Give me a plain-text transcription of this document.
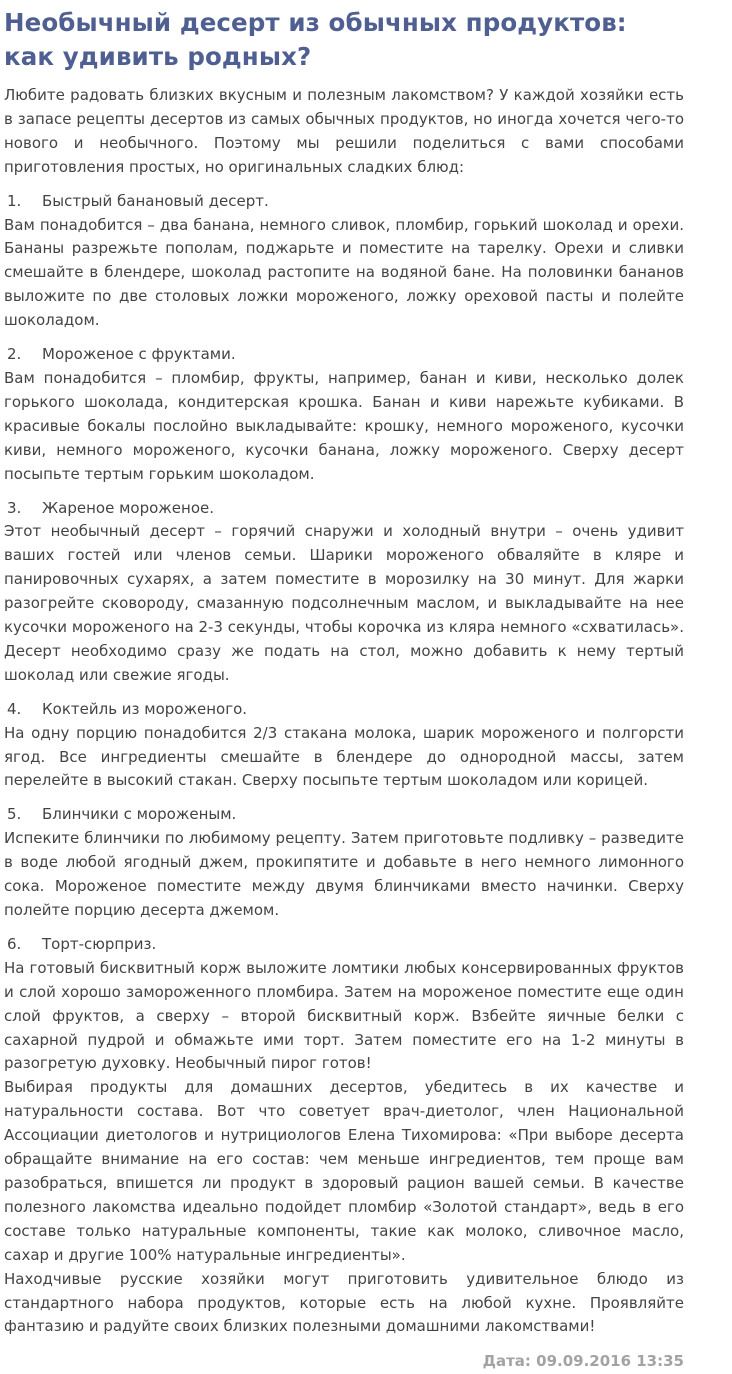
Необычный десерт из обычных продуктов: как удивить родных?

Любите радовать близких вкусным и полезным лакомством? У каждой хозяйки есть в запасе рецепты десертов из самых обычных продуктов, но иногда хочется чего-то нового и необычного. Поэтому мы решили поделиться с вами способами приготовления простых, но оригинальных сладких блюд:

1.	Быстрый банановый десерт.

Вам понадобится – два банана, немного сливок, пломбир, горький шоколад и орехи. Бананы разрежьте пополам, поджарьте и поместите на тарелку. Орехи и сливки смешайте в блендере, шоколад растопите на водяной бане. На половинки бананов выложите по две столовых ложки мороженого, ложку ореховой пасты и полейте шоколадом.

2.	Мороженое с фруктами.

Вам понадобится – пломбир, фрукты, например, банан и киви, несколько долек горького шоколада, кондитерская крошка. Банан и киви нарежьте кубиками. В красивые бокалы послойно выкладывайте: крошку, немного мороженого, кусочки киви, немного мороженого, кусочки банана, ложку мороженого. Сверху десерт посыпьте тертым горьким шоколадом.

3.	Жареное мороженое.

Этот необычный десерт – горячий снаружи и холодный внутри – очень удивит ваших гостей или членов семьи. Шарики мороженого обваляйте в кляре и панировочных сухарях, а затем поместите в морозилку на 30 минут. Для жарки разогрейте сковороду, смазанную подсолнечным маслом, и выкладывайте на нее кусочки мороженого на 2-3 секунды, чтобы корочка из кляра немного «схватилась». Десерт необходимо сразу же подать на стол, можно добавить к нему тертый шоколад или свежие ягоды.

4.	Коктейль из мороженого.

На одну порцию понадобится 2/3 стакана молока, шарик мороженого и полгорсти ягод. Все ингредиенты смешайте в блендере до однородной массы, затем перелейте в высокий стакан. Сверху посыпьте тертым шоколадом или корицей.

5.	Блинчики с мороженым.

Испеките блинчики по любимому рецепту. Затем приготовьте подливку – разведите в воде любой ягодный джем, прокипятите и добавьте в него немного лимонного сока. Мороженое поместите между двумя блинчиками вместо начинки. Сверху полейте порцию десерта джемом.

6.	Торт-сюрприз.

На готовый бисквитный корж выложите ломтики любых консервированных фруктов и слой хорошо замороженного пломбира. Затем на мороженое поместите еще один слой фруктов, а сверху – второй бисквитный корж. Взбейте яичные белки с сахарной пудрой и обмажьте ими торт. Затем поместите его на 1-2 минуты в разогретую духовку. Необычный пирог готов!

Выбирая продукты для домашних десертов, убедитесь в их качестве и натуральности состава. Вот что советует врач-диетолог, член Национальной Ассоциации диетологов и нутрициологов Елена Тихомирова: «При выборе десерта обращайте внимание на его состав: чем меньше ингредиентов, тем проще вам разобраться, впишется ли продукт в здоровый рацион вашей семьи. В качестве полезного лакомства идеально подойдет пломбир «Золотой стандарт», ведь в его составе только натуральные компоненты, такие как молоко, сливочное масло, сахар и другие 100% натуральные ингредиенты».

Находчивые русские хозяйки могут приготовить удивительное блюдо из стандартного набора продуктов, которые есть на любой кухне. Проявляйте фантазию и радуйте своих близких полезными домашними лакомствами!

Дата: 09.09.2016 13:35
